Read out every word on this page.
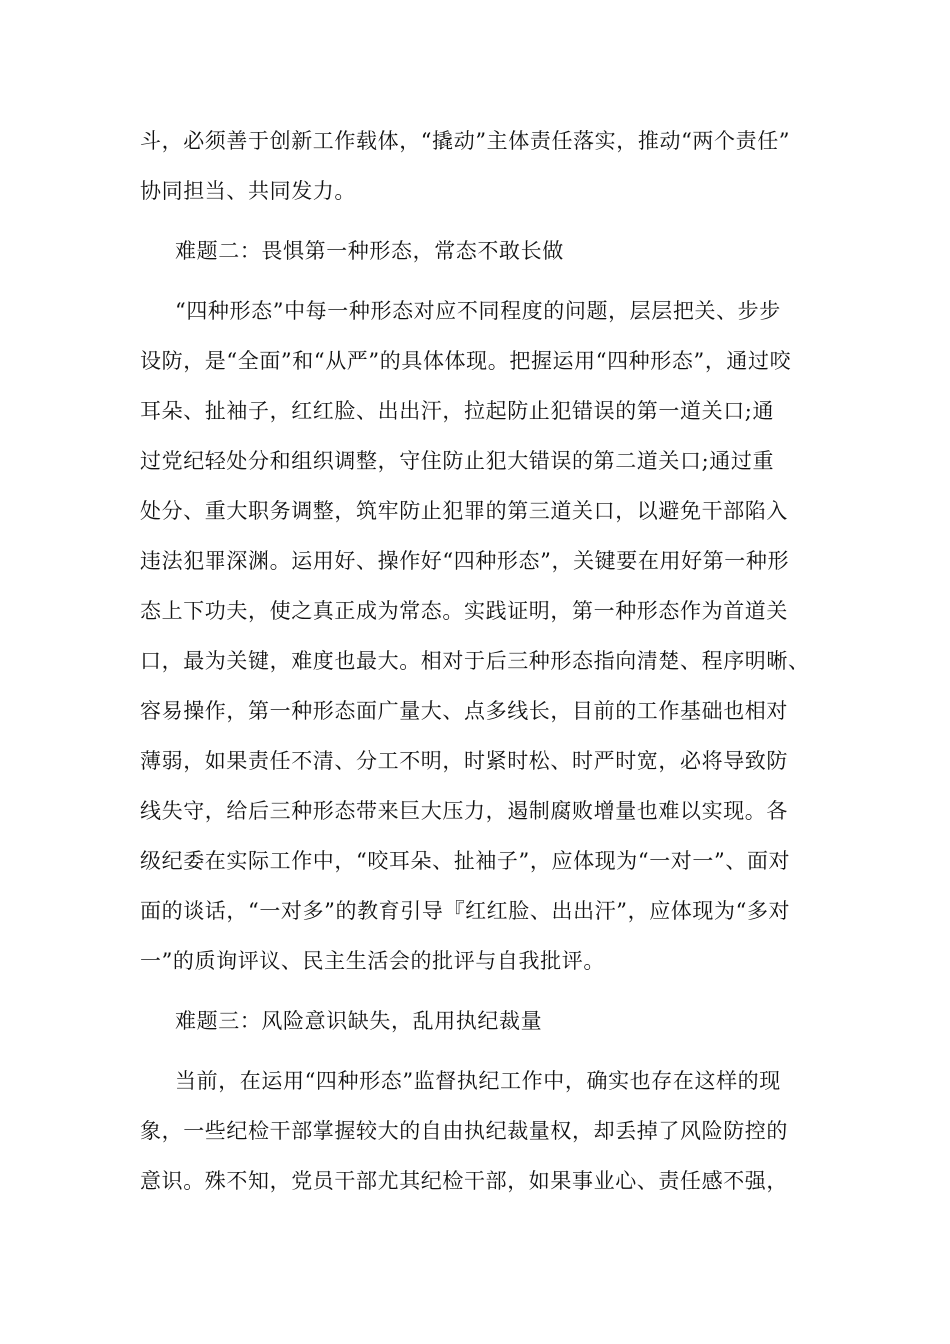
斗，必须善于创新工作载体，“撬动”主体责任落实，推动“两个责任”
协同担当、共同发力。
难题二：畏惧第一种形态，常态不敢长做
“四种形态”中每一种形态对应不同程度的问题，层层把关、步步
设防，是“全面”和“从严”的具体体现。把握运用“四种形态”，通过咬
耳朵、扯袖子，红红脸、出出汗，拉起防止犯错误的第一道关口;通
过党纪轻处分和组织调整，守住防止犯大错误的第二道关口;通过重
处分、重大职务调整，筑牢防止犯罪的第三道关口，以避免干部陷入
违法犯罪深渊。运用好、操作好“四种形态”，关键要在用好第一种形
态上下功夫，使之真正成为常态。实践证明，第一种形态作为首道关
口，最为关键，难度也最大。相对于后三种形态指向清楚、程序明晰、
容易操作，第一种形态面广量大、点多线长，目前的工作基础也相对
薄弱，如果责任不清、分工不明，时紧时松、时严时宽，必将导致防
线失守，给后三种形态带来巨大压力，遏制腐败增量也难以实现。各
级纪委在实际工作中，“咬耳朵、扯袖子”，应体现为“一对一”、面对
面的谈话，“一对多”的教育引导『红红脸、出出汗”，应体现为“多对
一”的质询评议、民主生活会的批评与自我批评。
难题三：风险意识缺失，乱用执纪裁量
当前，在运用“四种形态”监督执纪工作中，确实也存在这样的现
象，一些纪检干部掌握较大的自由执纪裁量权，却丢掉了风险防控的
意识。殊不知，党员干部尤其纪检干部，如果事业心、责任感不强，
